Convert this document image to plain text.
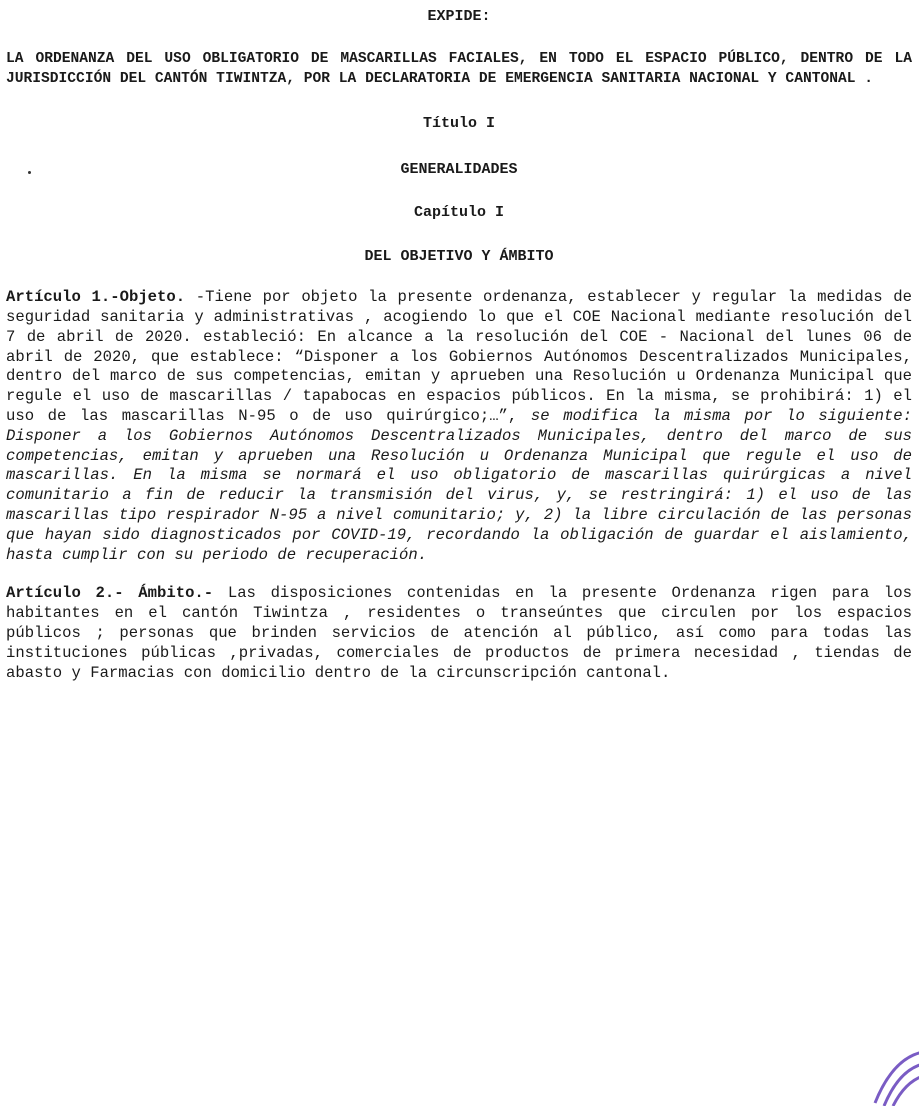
EXPIDE:

LA ORDENANZA DEL USO OBLIGATORIO DE MASCARILLAS FACIALES, EN TODO EL ESPACIO PÚBLICO, DENTRO DE LA JURISDICCIÓN DEL CANTÓN TIWINTZA, POR LA DECLARATORIA DE EMERGENCIA SANITARIA NACIONAL Y CANTONAL .

Título I

GENERALIDADES

Capítulo I

DEL OBJETIVO Y ÁMBITO

Artículo 1.-Objeto. -Tiene por objeto la presente ordenanza, establecer y regular la medidas de seguridad sanitaria y administrativas , acogiendo lo que el COE Nacional mediante resolución del 7 de abril de 2020. estableció: En alcance a la resolución del COE - Nacional del lunes 06 de abril de 2020, que establece: “Disponer a los Gobiernos Autónomos Descentralizados Municipales, dentro del marco de sus competencias, emitan y aprueben una Resolución u Ordenanza Municipal que regule el uso de mascarillas / tapabocas en espacios públicos. En la misma, se prohibirá: 1) el uso de las mascarillas N-95 o de uso quirúrgico;…”, se modifica la misma por lo siguiente: Disponer a los Gobiernos Autónomos Descentralizados Municipales, dentro del marco de sus competencias, emitan y aprueben una Resolución u Ordenanza Municipal que regule el uso de mascarillas. En la misma se normará el uso obligatorio de mascarillas quirúrgicas a nivel comunitario a fin de reducir la transmisión del virus, y, se restringirá: 1) el uso de las mascarillas tipo respirador N-95 a nivel comunitario; y, 2) la libre circulación de las personas que hayan sido diagnosticados por COVID-19, recordando la obligación de guardar el aislamiento, hasta cumplir con su periodo de recuperación.

Artículo 2.- Ámbito.- Las disposiciones contenidas en la presente Ordenanza rigen para los habitantes en el cantón Tiwintza , residentes o transeúntes que circulen por los espacios públicos ; personas que brinden servicios de atención al público, así como para todas las instituciones públicas ,privadas, comerciales de productos de primera necesidad , tiendas de abasto y Farmacias con domicilio dentro de la circunscripción cantonal.
